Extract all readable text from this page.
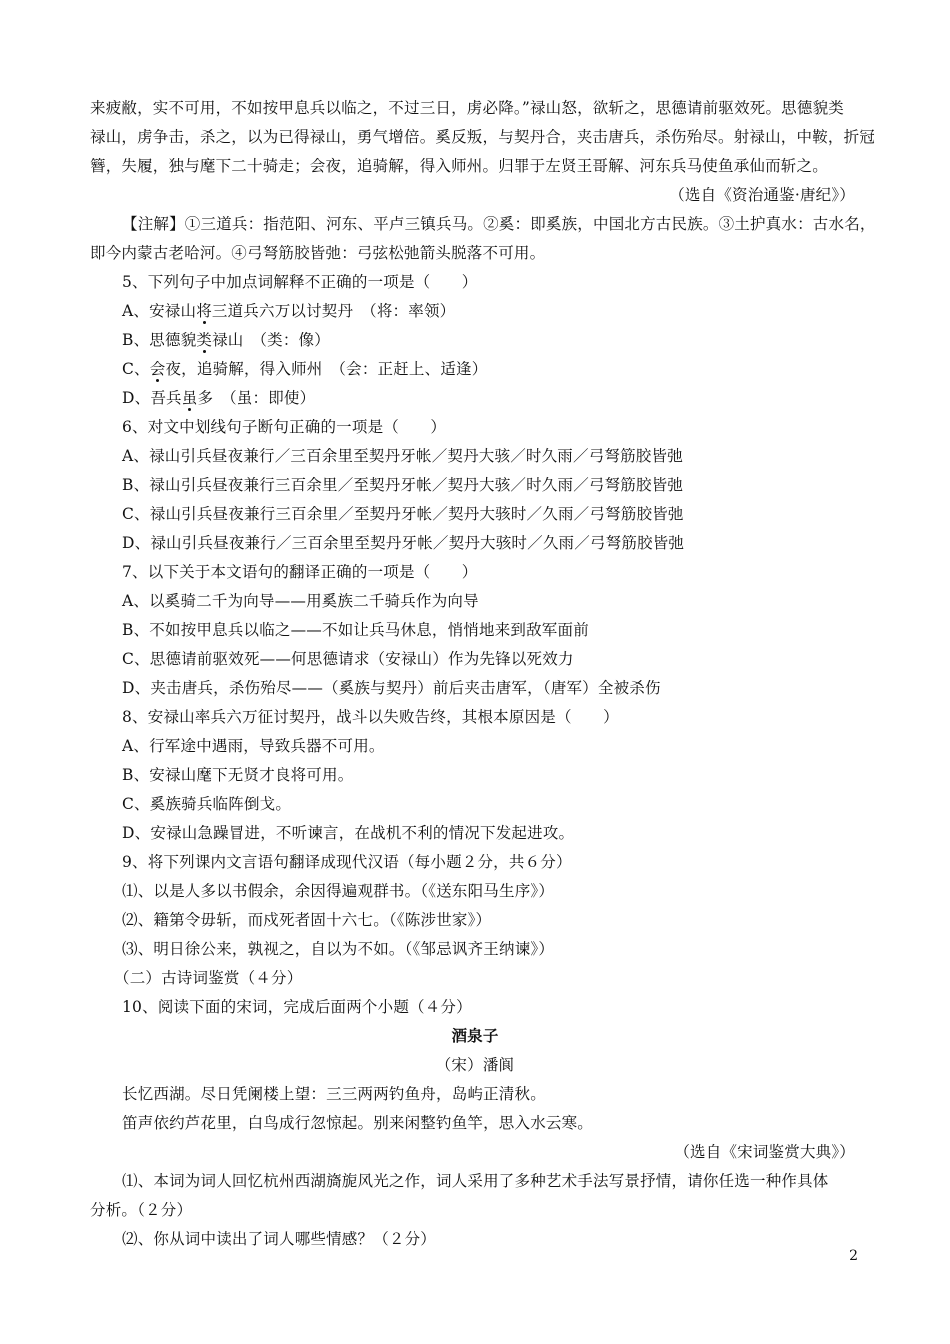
来疲敝，实不可用，不如按甲息兵以临之，不过三日，虏必降。”禄山怒，欲斩之，思德请前驱效死。思德貌类
禄山，虏争击，杀之，以为已得禄山，勇气增倍。奚反叛，与契丹合，夹击唐兵，杀伤殆尽。射禄山，中鞍，折冠
簪，失履，独与麾下二十骑走；会夜，追骑解，得入师州。归罪于左贤王哥解、河东兵马使鱼承仙而斩之。
（选自《资治通鉴·唐纪》）
【注解】①三道兵：指范阳、河东、平卢三镇兵马。②奚：即奚族，中国北方古民族。③土护真水：古水名，
即今内蒙古老哈河。④弓弩筋胶皆弛：弓弦松弛箭头脱落不可用。
5、下列句子中加点词解释不正确的一项是（　　）
A、安禄山将三道兵六万以讨契丹　（将：率领）
B、思德貌类禄山　（类：像）
C、会夜，追骑解，得入师州　（会：正赶上、适逢）
D、吾兵虽多　（虽：即使）
6、对文中划线句子断句正确的一项是（　　）
A、禄山引兵昼夜兼行／三百余里至契丹牙帐／契丹大骇／时久雨／弓弩筋胶皆弛
B、禄山引兵昼夜兼行三百余里／至契丹牙帐／契丹大骇／时久雨／弓弩筋胶皆弛
C、禄山引兵昼夜兼行三百余里／至契丹牙帐／契丹大骇时／久雨／弓弩筋胶皆弛
D、禄山引兵昼夜兼行／三百余里至契丹牙帐／契丹大骇时／久雨／弓弩筋胶皆弛
7、以下关于本文语句的翻译正确的一项是（　　）
A、以奚骑二千为向导——用奚族二千骑兵作为向导
B、不如按甲息兵以临之——不如让兵马休息，悄悄地来到敌军面前
C、思德请前驱效死——何思德请求（安禄山）作为先锋以死效力
D、夹击唐兵，杀伤殆尽——（奚族与契丹）前后夹击唐军，（唐军）全被杀伤
8、安禄山率兵六万征讨契丹，战斗以失败告终，其根本原因是（　　）
A、行军途中遇雨，导致兵器不可用。
B、安禄山麾下无贤才良将可用。
C、奚族骑兵临阵倒戈。
D、安禄山急躁冒进，不听谏言，在战机不利的情况下发起进攻。
9、将下列课内文言语句翻译成现代汉语（每小题２分，共６分）
⑴、以是人多以书假余，余因得遍观群书。（《送东阳马生序》）
⑵、籍第令毋斩，而戍死者固十六七。（《陈涉世家》）
⑶、明日徐公来，孰视之，自以为不如。（《邹忌讽齐王纳谏》）
（二）古诗词鉴赏（４分）
10、阅读下面的宋词，完成后面两个小题（４分）
酒泉子
（宋）潘阆
长忆西湖。尽日凭阑楼上望：三三两两钓鱼舟，岛屿正清秋。
笛声依约芦花里，白鸟成行忽惊起。别来闲整钓鱼竿，思入水云寒。
（选自《宋词鉴赏大典》）
⑴、本词为词人回忆杭州西湖旖旎风光之作，词人采用了多种艺术手法写景抒情，请你任选一种作具体
分析。（２分）
⑵、你从词中读出了词人哪些情感？（２分）
2
